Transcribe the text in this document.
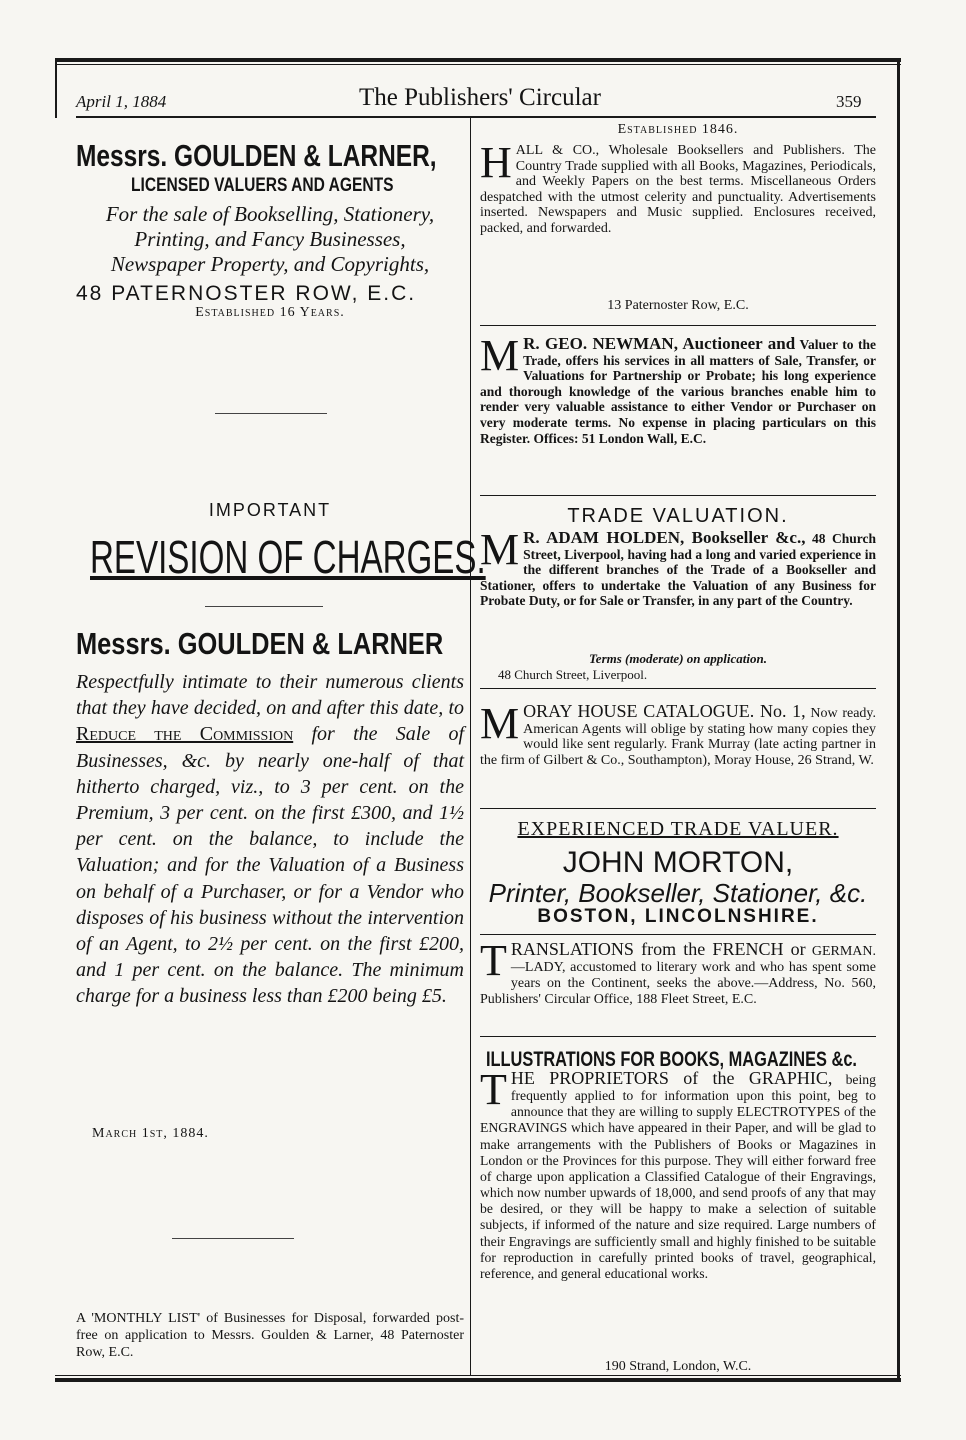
April 1, 1884	The Publishers' Circular	359

Messrs. GOULDEN & LARNER,

LICENSED VALUERS AND AGENTS

For the sale of Bookselling, Stationery,

Printing, and Fancy Businesses,

Newspaper Property, and Copyrights,

48 PATERNOSTER ROW, E.C.

Established 16 Years.

IMPORTANT

REVISION OF CHARGES.

Messrs. GOULDEN & LARNER

Respectfully intimate to their numerous clients that they have decided, on and after this date, to Reduce the Commission for the Sale of Businesses, &c. by nearly one-half of that hitherto charged, viz., to 3 per cent. on the Premium, 3 per cent. on the first £300, and 1½ per cent. on the balance, to include the Valuation; and for the Valuation of a Business on behalf of a Purchaser, or for a Vendor who disposes of his business without the intervention of an Agent, to 2½ per cent. on the first £200, and 1 per cent. on the balance. The minimum charge for a business less than £200 being £5.

March 1st, 1884.

A 'MONTHLY LIST' of Businesses for Disposal, forwarded post-free on application to Messrs. Goulden & Larner, 48 Paternoster Row, E.C.

Established 1846.

HALL & CO., Wholesale Booksellers and Publishers. The Country Trade supplied with all Books, Magazines, Periodicals, and Weekly Papers on the best terms. Miscellaneous Orders despatched with the utmost celerity and punctuality. Advertisements inserted. Newspapers and Music supplied. Enclosures received, packed, and forwarded.

13 Paternoster Row, E.C.

M R. GEO. NEWMAN, Auctioneer and Valuer to the Trade, offers his services in all matters of Sale, Transfer, or Valuations for Partnership or Probate; his long experience and thorough knowledge of the various branches enable him to render very valuable assistance to either Vendor or Purchaser on very moderate terms. No expense in placing particulars on this Register. Offices: 51 London Wall, E.C.

TRADE VALUATION.

M R. ADAM HOLDEN, Bookseller &c., 48 Church Street, Liverpool, having had a long and varied experience in the different branches of the Trade of a Bookseller and Stationer, offers to undertake the Valuation of any Business for Probate Duty, or for Sale or Transfer, in any part of the Country.

Terms (moderate) on application.

48 Church Street, Liverpool.

MORAY HOUSE CATALOGUE. No. 1, Now ready. American Agents will oblige by stating how many copies they would like sent regularly. Frank Murray (late acting partner in the firm of Gilbert & Co., Southampton), Moray House, 26 Strand, W.

EXPERIENCED TRADE VALUER.

JOHN MORTON,

Printer, Bookseller, Stationer, &c.

BOSTON, LINCOLNSHIRE.

TRANSLATIONS from the FRENCH or GERMAN.—LADY, accustomed to literary work and who has spent some years on the Continent, seeks the above.—Address, No. 560, Publishers' Circular Office, 188 Fleet Street, E.C.

ILLUSTRATIONS FOR BOOKS, MAGAZINES &c.

THE PROPRIETORS of the GRAPHIC, being frequently applied to for information upon this point, beg to announce that they are willing to supply ELECTROTYPES of the ENGRAVINGS which have appeared in their Paper, and will be glad to make arrangements with the Publishers of Books or Magazines in London or the Provinces for this purpose. They will either forward free of charge upon application a Classified Catalogue of their Engravings, which now number upwards of 18,000, and send proofs of any that may be desired, or they will be happy to make a selection of suitable subjects, if informed of the nature and size required. Large numbers of their Engravings are sufficiently small and highly finished to be suitable for reproduction in carefully printed books of travel, geographical, reference, and general educational works.

190 Strand, London, W.C.
